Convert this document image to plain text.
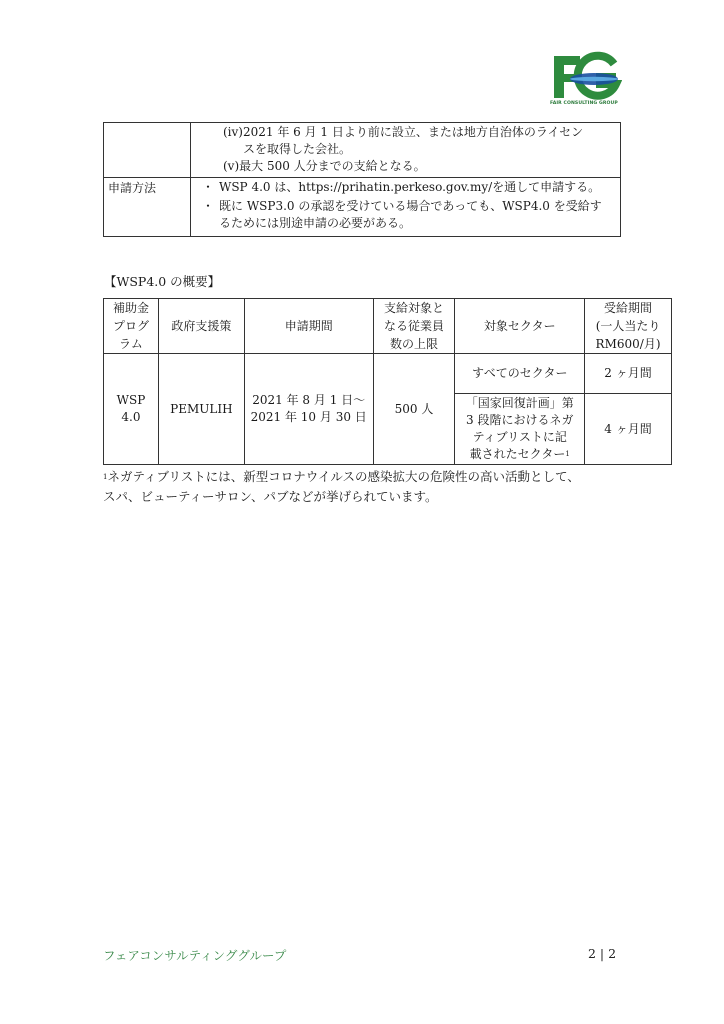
FAIR CONSULTING GROUP

	(iv)2021 年 6 月 1 日より前に設立、または地方自治体のライセン
スを取得した会社。
(v)最大 500 人分までの支給となる。

申請方法	・ WSP 4.0 は、https://prihatin.perkeso.gov.my/を通して申請する。
・ 既に WSP3.0 の承認を受けている場合であっても、WSP4.0 を受給す
るためには別途申請の必要がある。
【WSP4.0 の概要】
補助金
プログ
ラム	政府支援策	申請期間	支給対象と
なる従業員
数の上限	対象セクター	受給期間
(一人当たり
RM600/月)
WSP
4.0	PEMULIH	2021 年 8 月 1 日～
2021 年 10 月 30 日	500 人	すべてのセクター	2 ヶ月間
				「国家回復計画」第
3 段階におけるネガ
ティブリストに記
載されたセクター$^1$	4 ヶ月間
$^1$ネガティブリストには、新型コロナウイルスの感染拡大の危険性の高い活動として、
スパ、ビューティーサロン、パブなどが挙げられています。
フェアコンサルティンググループ	2 | 2
